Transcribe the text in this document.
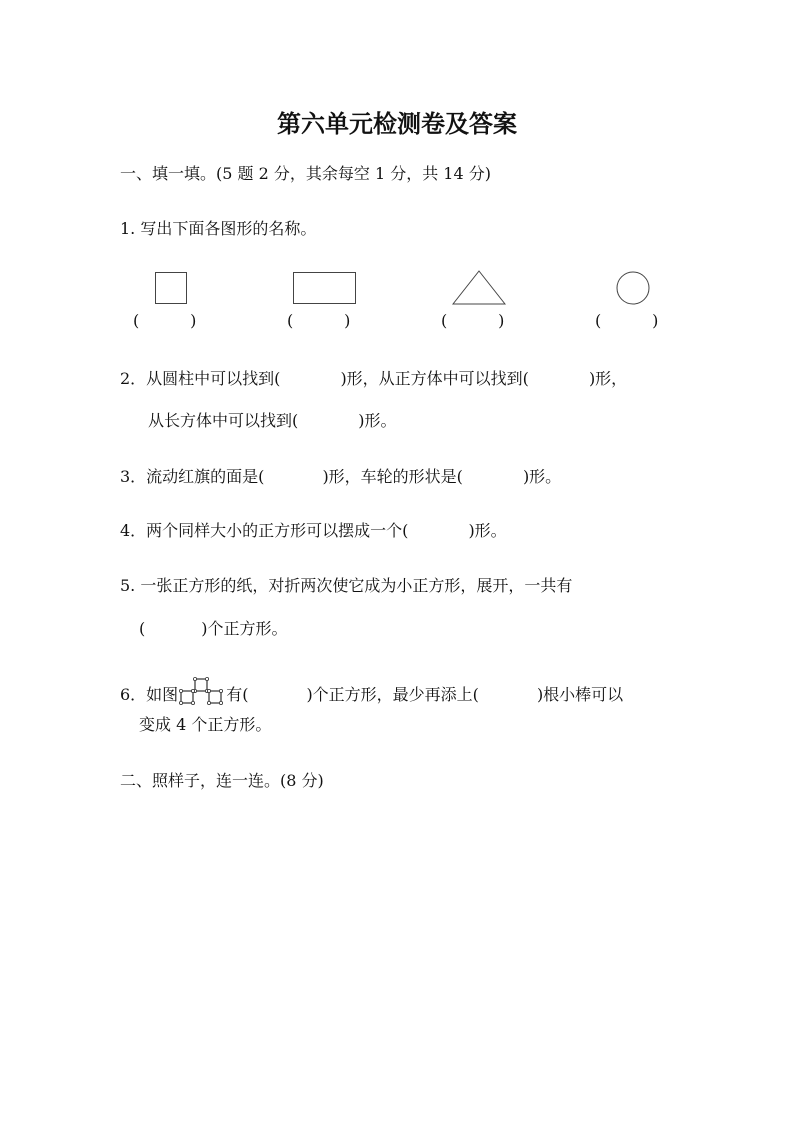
第六单元检测卷及答案
一、填一填。(5 题 2 分，其余每空 1 分，共 14 分)
1. 写出下面各图形的名称。
(          )	(          )	(          )	(          )
2．从圆柱中可以找到(	)形，从正方体中可以找到(	)形，
从长方体中可以找到(	)形。
3．流动红旗的面是(	)形，车轮的形状是(	)形。
4．两个同样大小的正方形可以摆成一个(	)形。
5. 一张正方形的纸，对折两次使它成为小正方形，展开，一共有
(	)个正方形。
6．如图	有(	)个正方形，最少再添上(	)根小棒可以
变成 4 个正方形。
二、照样子，连一连。(8 分)
